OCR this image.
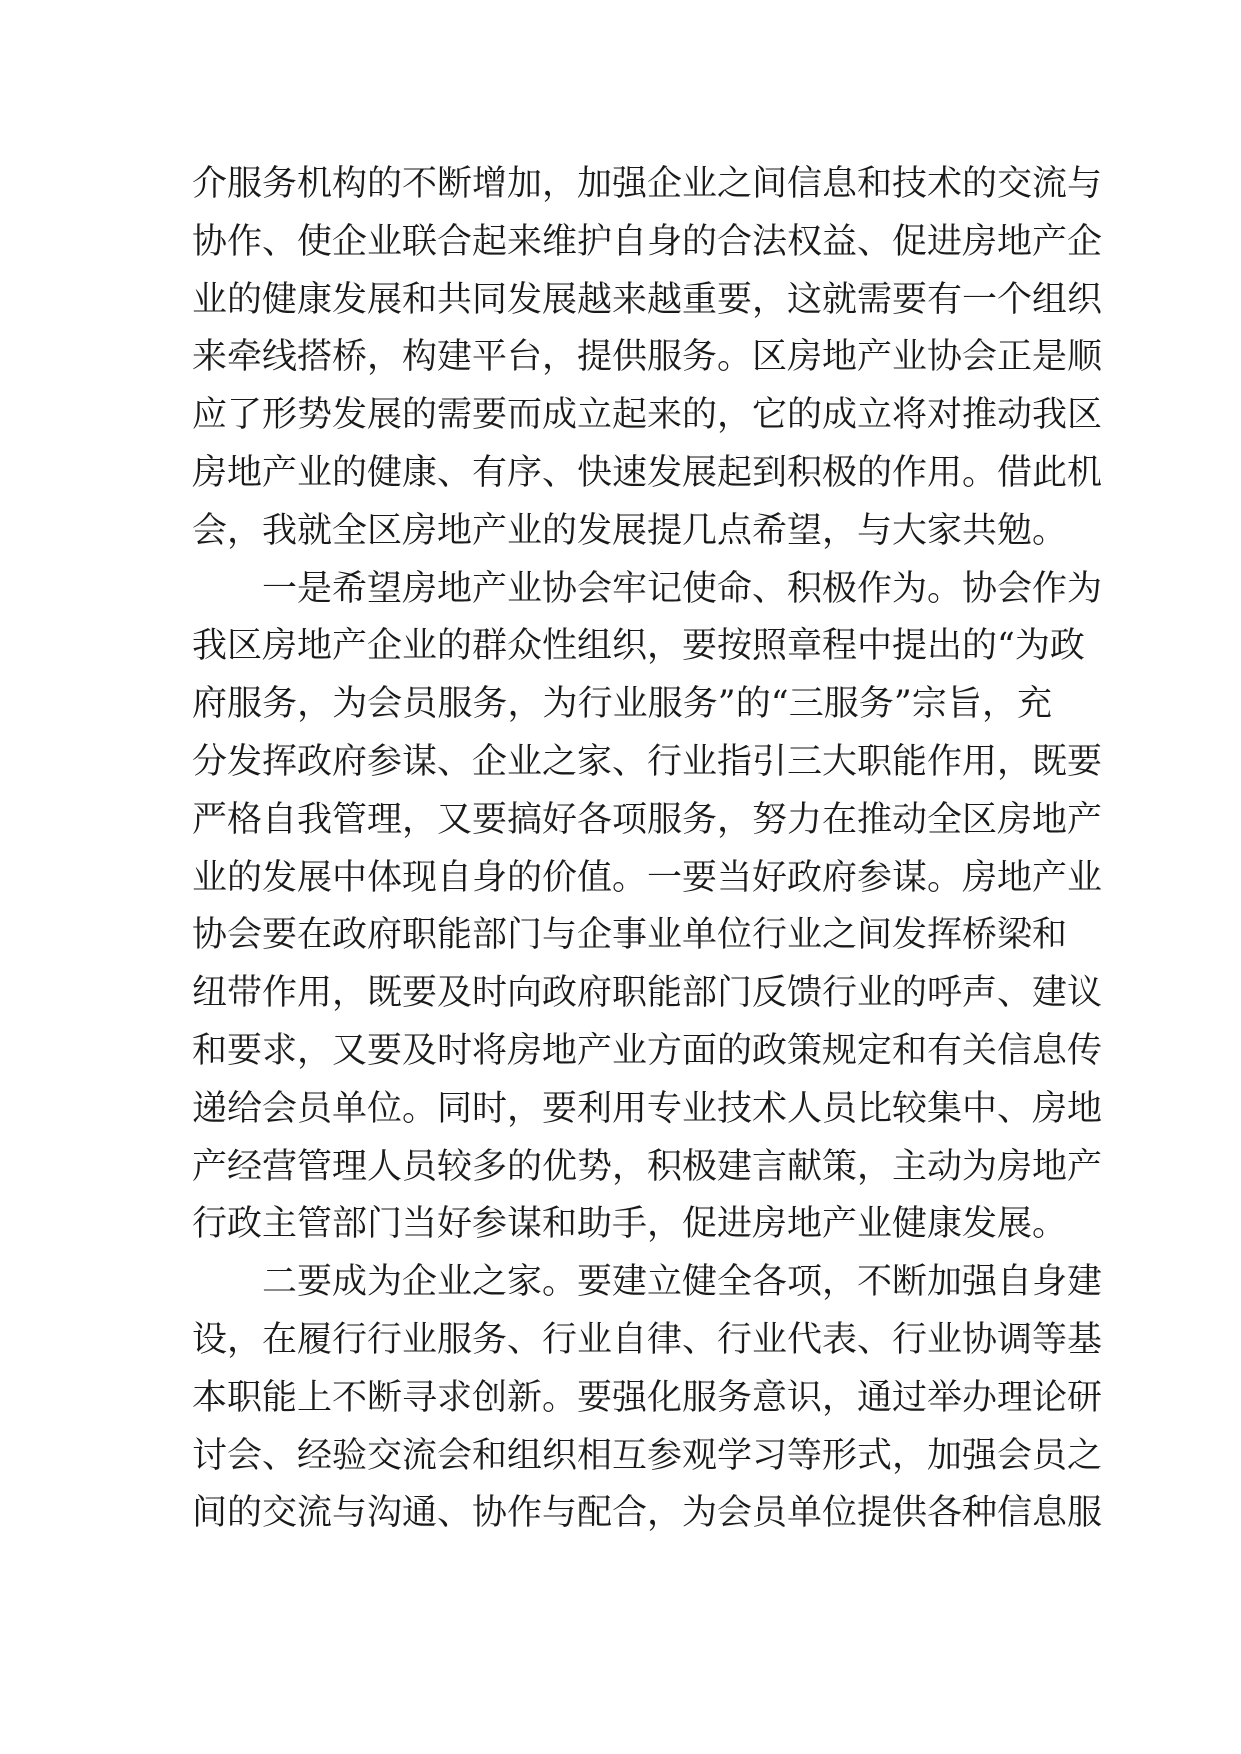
介服务机构的不断增加，加强企业之间信息和技术的交流与
协作、使企业联合起来维护自身的合法权益、促进房地产企
业的健康发展和共同发展越来越重要，这就需要有一个组织
来牵线搭桥，构建平台，提供服务。区房地产业协会正是顺
应了形势发展的需要而成立起来的，它的成立将对推动我区
房地产业的健康、有序、快速发展起到积极的作用。借此机
会，我就全区房地产业的发展提几点希望，与大家共勉。
一是希望房地产业协会牢记使命、积极作为。协会作为
我区房地产企业的群众性组织，要按照章程中提出的“为政
府服务，为会员服务，为行业服务”的“三服务”宗旨，充
分发挥政府参谋、企业之家、行业指引三大职能作用，既要
严格自我管理，又要搞好各项服务，努力在推动全区房地产
业的发展中体现自身的价值。一要当好政府参谋。房地产业
协会要在政府职能部门与企事业单位行业之间发挥桥梁和
纽带作用，既要及时向政府职能部门反馈行业的呼声、建议
和要求，又要及时将房地产业方面的政策规定和有关信息传
递给会员单位。同时，要利用专业技术人员比较集中、房地
产经营管理人员较多的优势，积极建言献策，主动为房地产
行政主管部门当好参谋和助手，促进房地产业健康发展。
二要成为企业之家。要建立健全各项，不断加强自身建
设，在履行行业服务、行业自律、行业代表、行业协调等基
本职能上不断寻求创新。要强化服务意识，通过举办理论研
讨会、经验交流会和组织相互参观学习等形式，加强会员之
间的交流与沟通、协作与配合，为会员单位提供各种信息服
